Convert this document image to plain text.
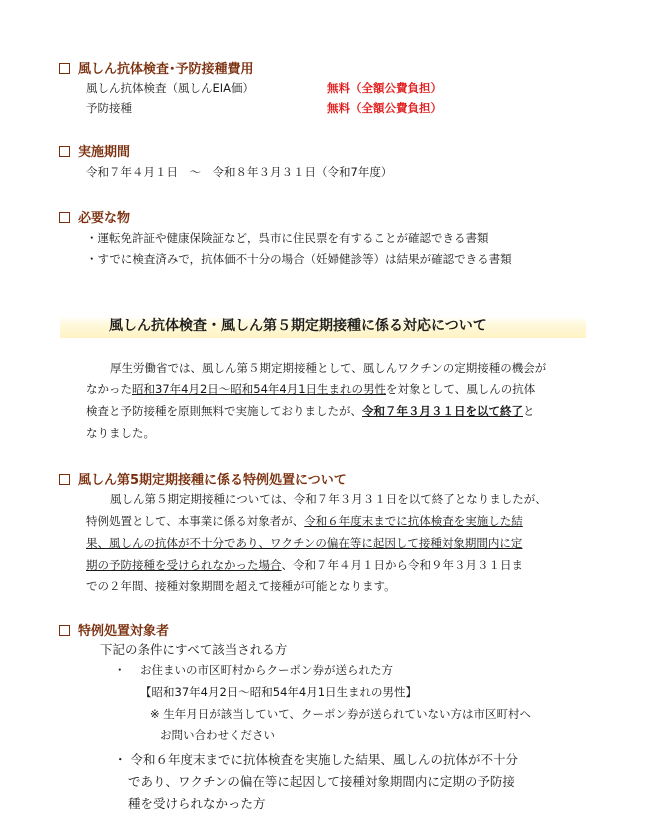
風しん抗体検査･予防接種費用
風しん抗体検査（風しんEIA価）	無料（全額公費負担）
予防接種	無料（全額公費負担）
実施期間
令和７年４月１日　～　令和８年３月３１日（令和7年度）
必要な物
・運転免許証や健康保険証など，呉市に住民票を有することが確認できる書類
・すでに検査済みで，抗体価不十分の場合（妊婦健診等）は結果が確認できる書類
風しん抗体検査・風しん第５期定期接種に係る対応について
厚生労働省では、風しん第５期定期接種として、風しんワクチンの定期接種の機会が
なかった昭和37年4月2日～昭和54年4月1日生まれの男性を対象として、風しんの抗体
検査と予防接種を原則無料で実施しておりましたが、令和７年３月３１日を以て終了と
なりました。
風しん第5期定期接種に係る特例処置について
風しん第５期定期接種については、令和７年３月３１日を以て終了となりましたが、
特例処置として、本事業に係る対象者が、令和６年度末までに抗体検査を実施した結
果、風しんの抗体が不十分であり、ワクチンの偏在等に起因して接種対象期間内に定
期の予防接種を受けられなかった場合、令和７年４月１日から令和９年３月３１日ま
での２年間、接種対象期間を超えて接種が可能となります。
特例処置対象者
下記の条件にすべて該当される方
・ お住まいの市区町村からクーポン券が送られた方
【昭和37年4月2日～昭和54年4月1日生まれの男性】
※ 生年月日が該当していて、クーポン券が送られていない方は市区町村へ
お問い合わせください
・ 令和６年度末までに抗体検査を実施した結果、風しんの抗体が不十分
であり、ワクチンの偏在等に起因して接種対象期間内に定期の予防接
種を受けられなかった方
